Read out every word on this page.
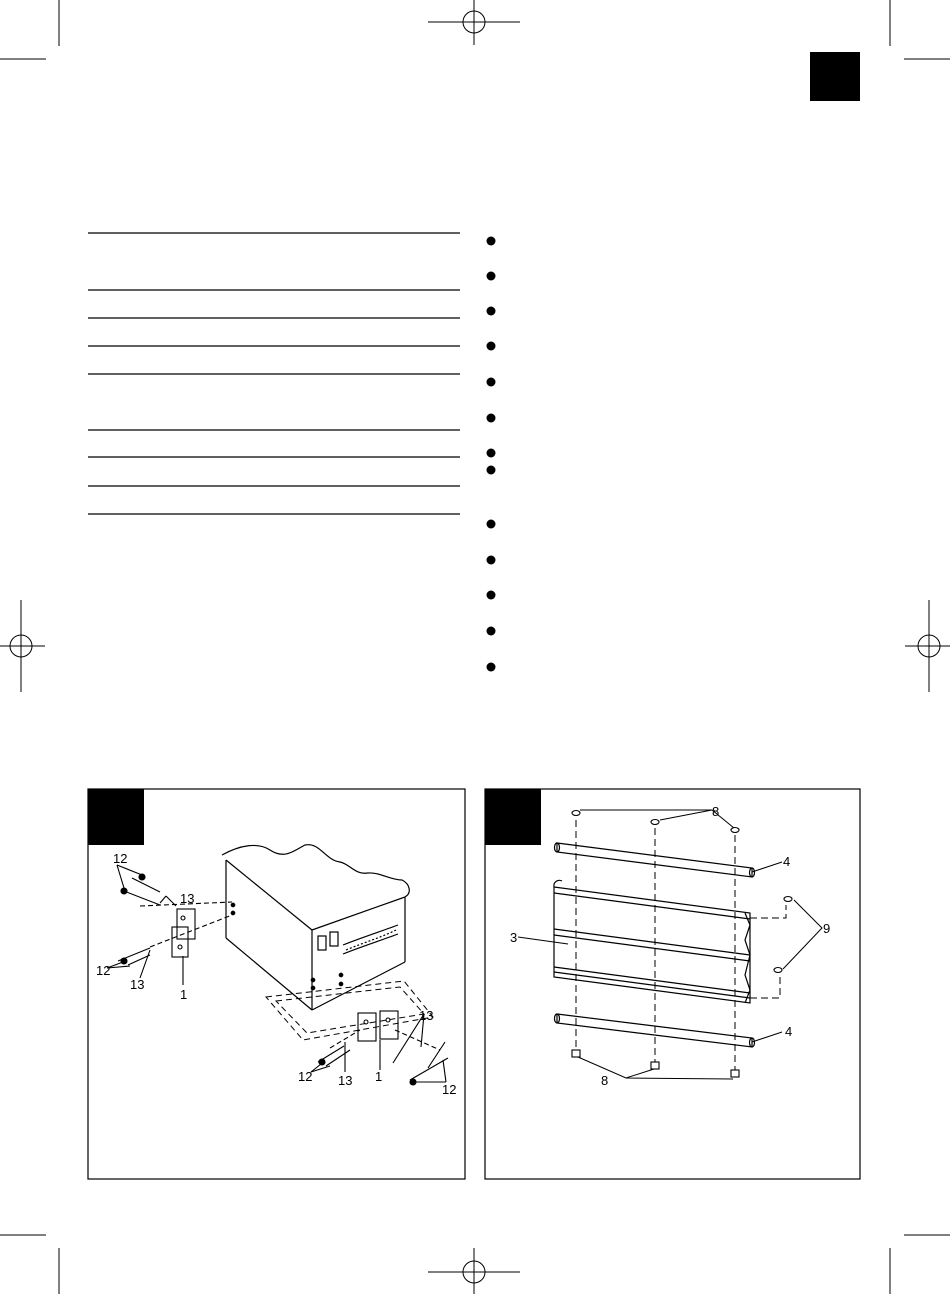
12
13
12
13
1
13
12 13 1
12
8
4
3
9
4
8
